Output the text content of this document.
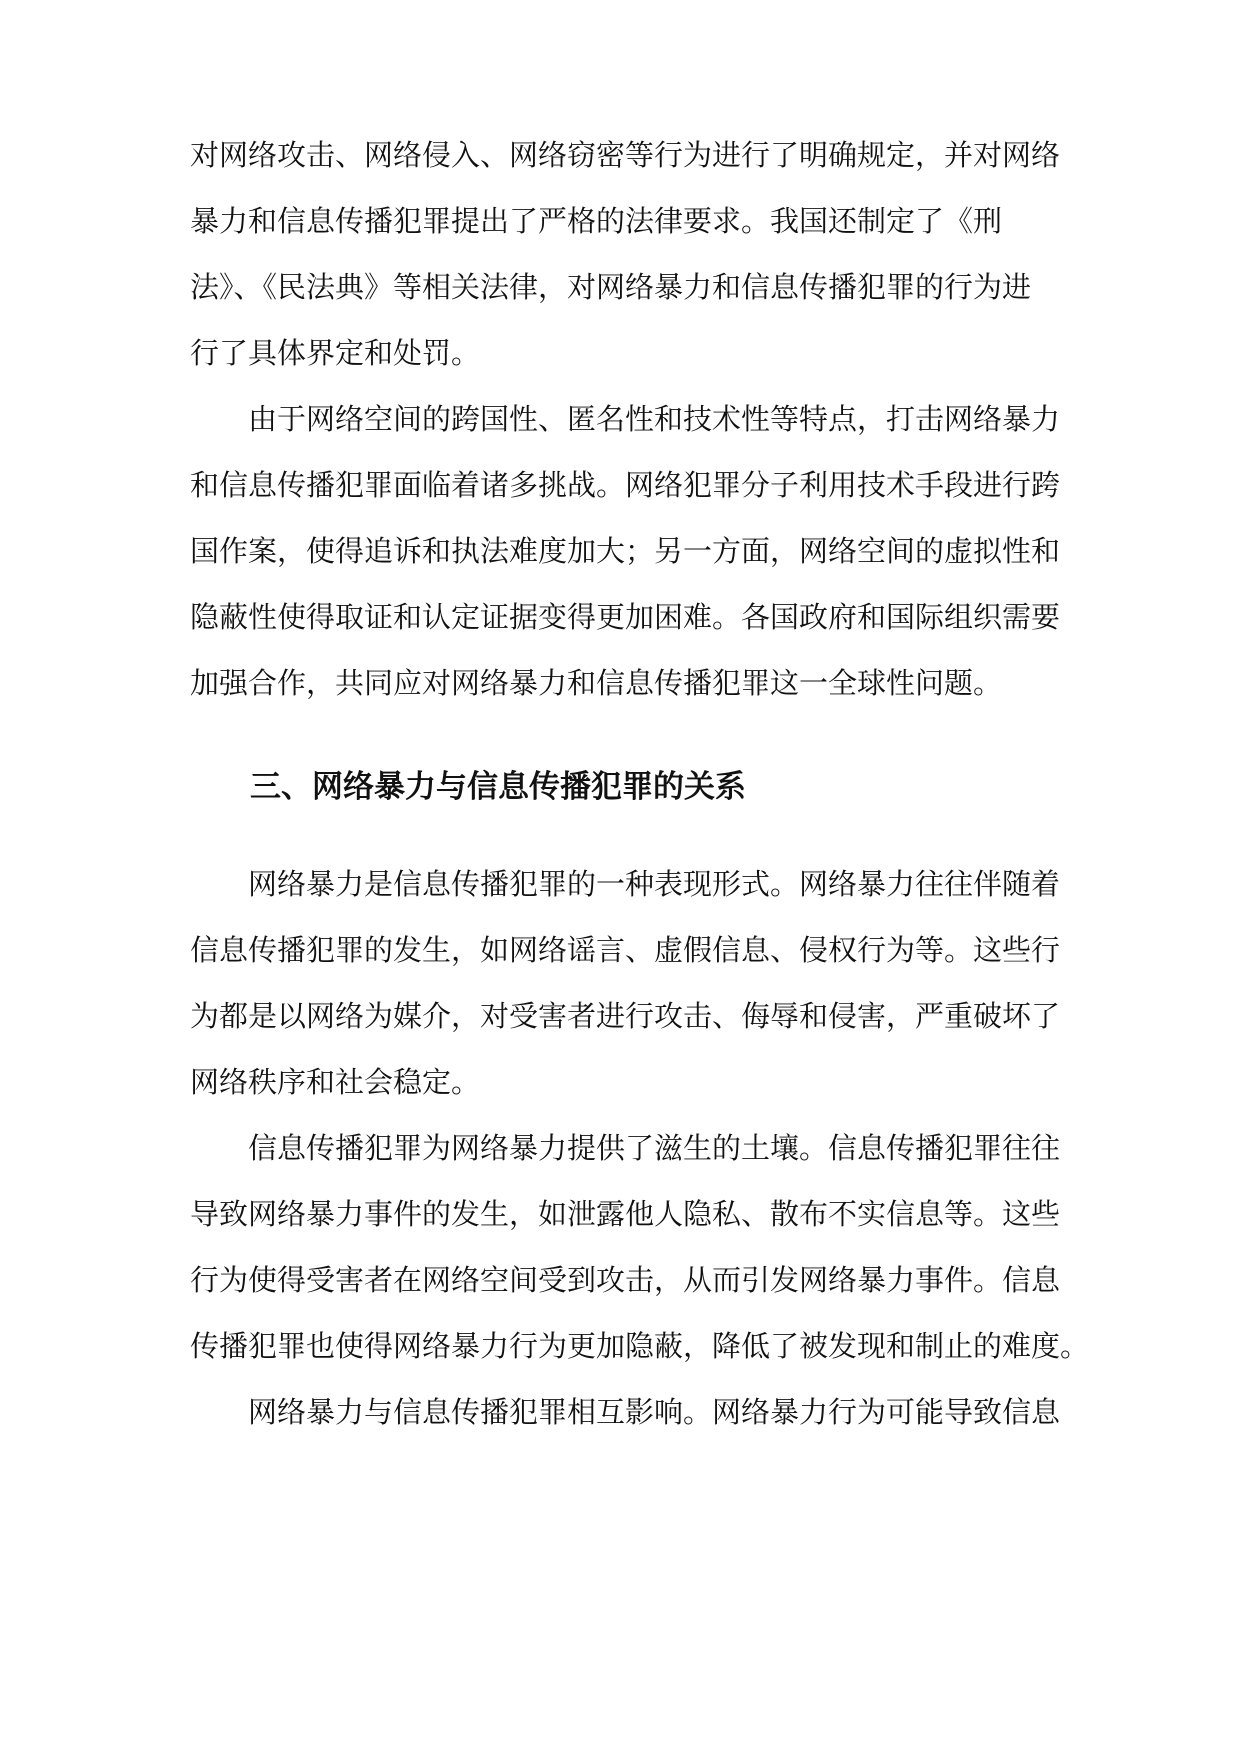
对网络攻击、网络侵入、网络窃密等行为进行了明确规定，并对网络
暴力和信息传播犯罪提出了严格的法律要求。我国还制定了《刑
法》、《民法典》等相关法律，对网络暴力和信息传播犯罪的行为进
行了具体界定和处罚。
由于网络空间的跨国性、匿名性和技术性等特点，打击网络暴力
和信息传播犯罪面临着诸多挑战。网络犯罪分子利用技术手段进行跨
国作案，使得追诉和执法难度加大；另一方面，网络空间的虚拟性和
隐蔽性使得取证和认定证据变得更加困难。各国政府和国际组织需要
加强合作，共同应对网络暴力和信息传播犯罪这一全球性问题。
三、网络暴力与信息传播犯罪的关系
网络暴力是信息传播犯罪的一种表现形式。网络暴力往往伴随着
信息传播犯罪的发生，如网络谣言、虚假信息、侵权行为等。这些行
为都是以网络为媒介，对受害者进行攻击、侮辱和侵害，严重破坏了
网络秩序和社会稳定。
信息传播犯罪为网络暴力提供了滋生的土壤。信息传播犯罪往往
导致网络暴力事件的发生，如泄露他人隐私、散布不实信息等。这些
行为使得受害者在网络空间受到攻击，从而引发网络暴力事件。信息
传播犯罪也使得网络暴力行为更加隐蔽，降低了被发现和制止的难度。
网络暴力与信息传播犯罪相互影响。网络暴力行为可能导致信息
